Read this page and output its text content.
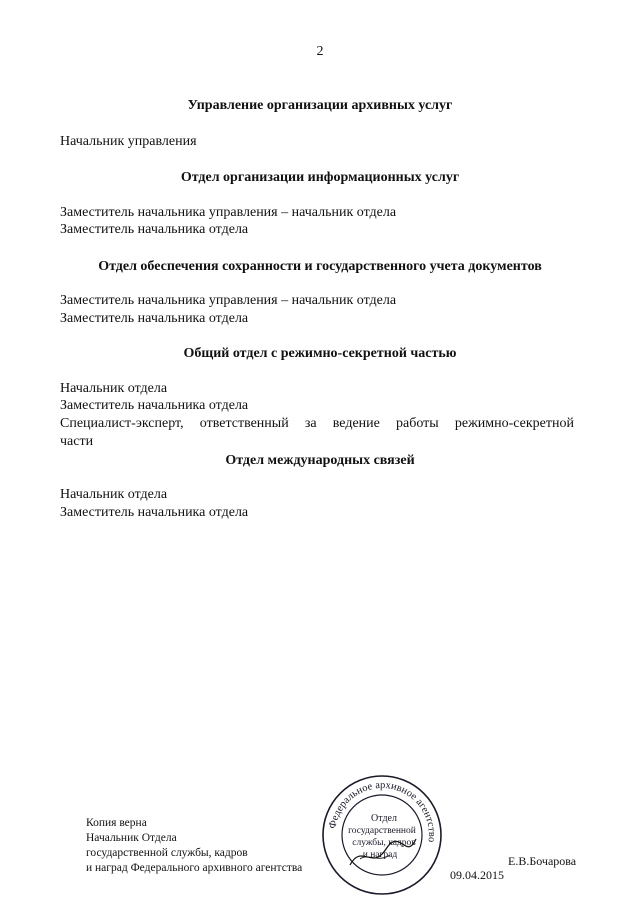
2
Управление организации архивных услуг
Начальник управления
Отдел организации информационных услуг
Заместитель начальника управления – начальник отдела
Заместитель начальника отдела
Отдел обеспечения сохранности и государственного учета документов
Заместитель начальника управления – начальник отдела
Заместитель начальника отдела
Общий отдел с режимно-секретной частью
Начальник отдела
Заместитель начальника отдела
Специалист-эксперт, ответственный за ведение работы режимно-секретной
части
Отдел международных связей
Начальник отдела
Заместитель начальника отдела
Копия верна
Начальник Отдела
государственной службы, кадров
и наград Федерального архивного агентства	Е.В.Бочарова
09.04.2015
Федеральное архивное агентство
Отдел
государственной
службы, кадров
и наград
